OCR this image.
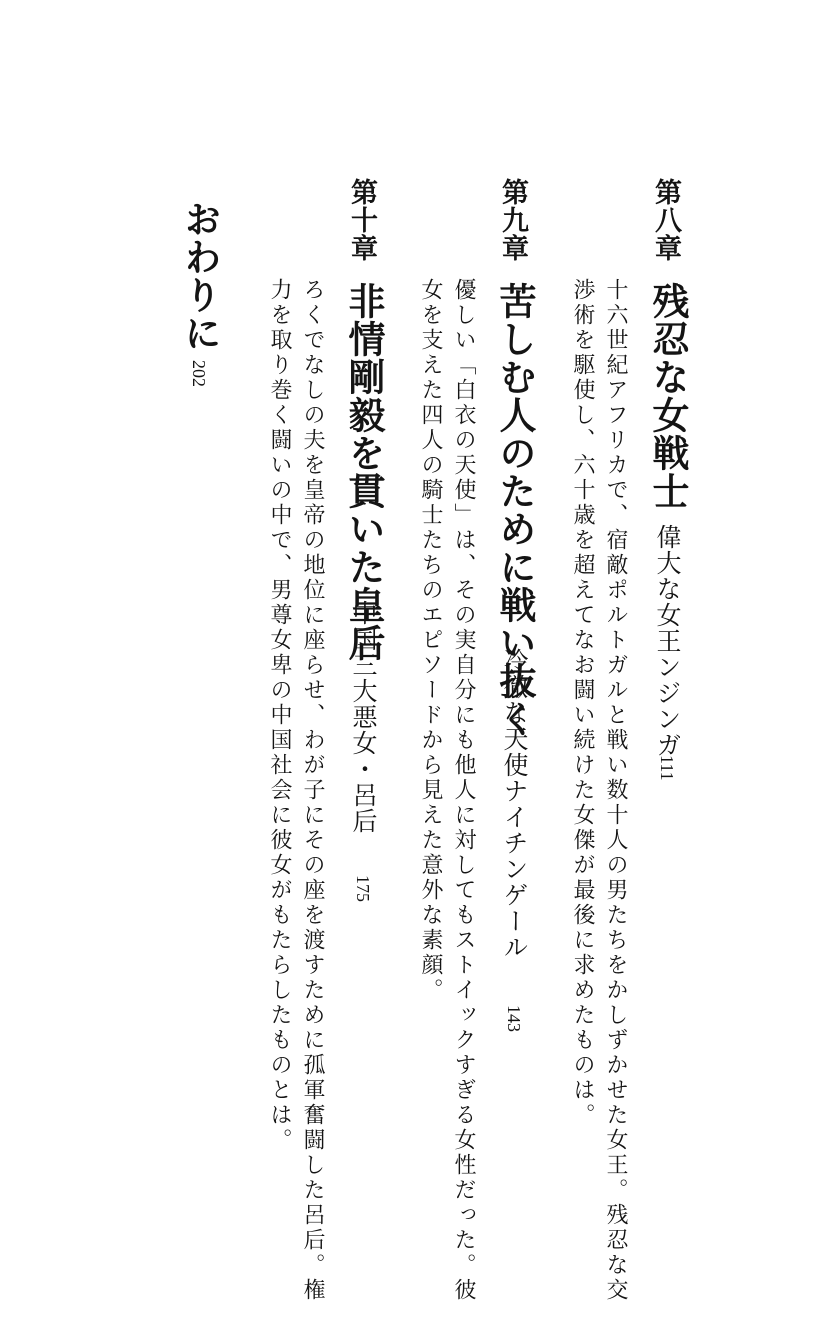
第八章
残忍な女戦士
偉大な女王ンジンガ
111
十六世紀アフリカで、宿敵ポルトガルと戦い数十人の男たちをかしずかせた女王。残忍な交
渉術を駆使し、六十歳を超えてなお闘い続けた女傑が最後に求めたものは。
第九章
苦しむ人のために戦い抜く
冷徹な天使ナイチンゲール
143
優しい「白衣の天使」は、その実自分にも他人に対してもストイックすぎる女性だった。彼
女を支えた四人の騎士たちのエピソードから見えた意外な素顔。
第十章
非情剛毅を貫いた皇后
中国三大悪女・呂后
175
ろくでなしの夫を皇帝の地位に座らせ、わが子にその座を渡すために孤軍奮闘した呂后。権
力を取り巻く闘いの中で、男尊女卑の中国社会に彼女がもたらしたものとは。
おわりに
202
